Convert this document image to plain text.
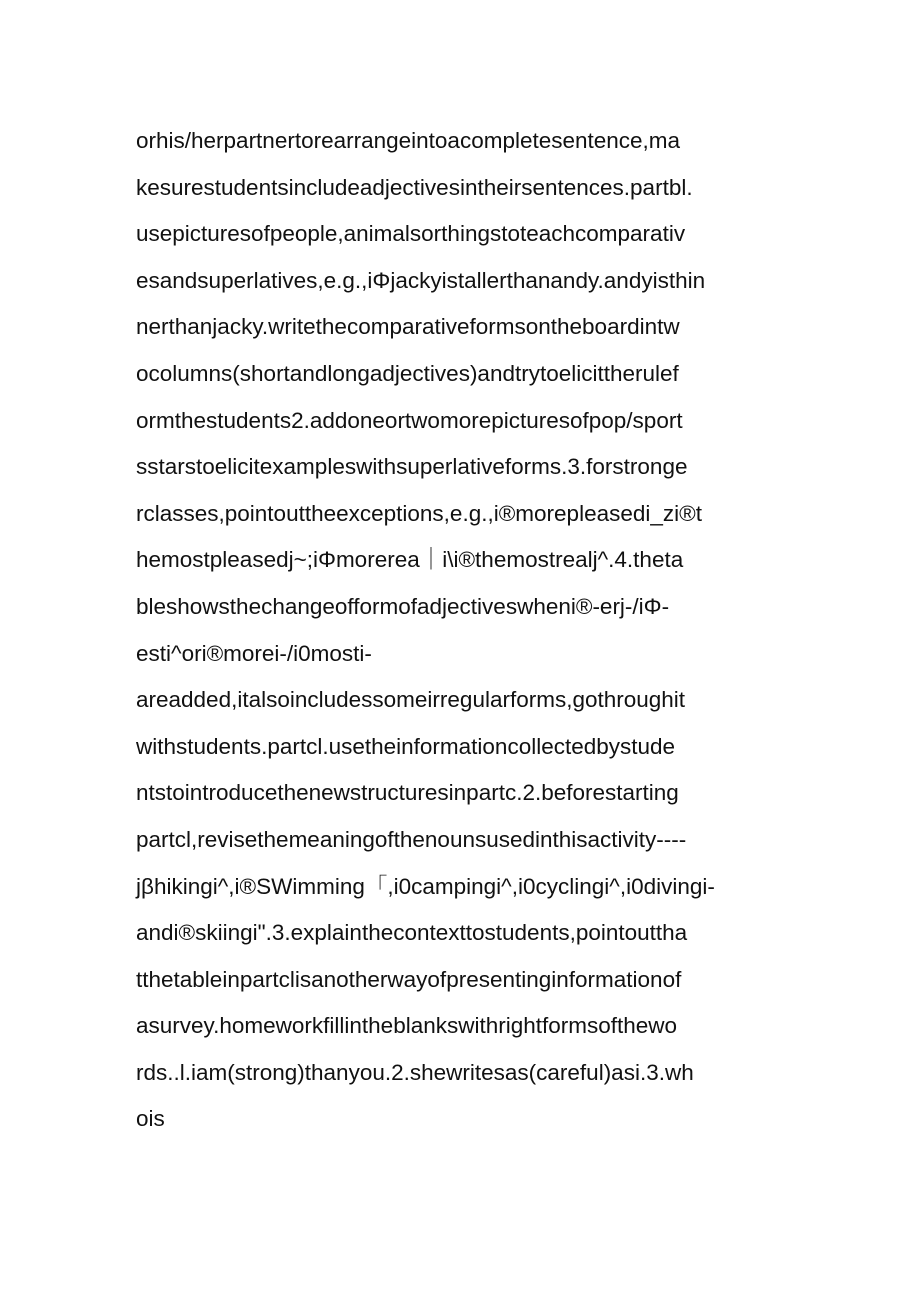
orhis/herpartnertorearrangeintoacompletesentence,ma
kesurestudentsincludeadjectivesintheirsentences.partbl.
usepicturesofpeople,animalsorthingstoteachcomparativ
esandsuperlatives,e.g.,iΦjackyistallerthanandy.andyisthin
nerthanjacky.writethecomparativeformsontheboardintw
ocolumns(shortandlongadjectives)andtrytoelicittherulef
ormthestudents2.addoneortwomorepicturesofpop/sport
sstarstoelicitexampleswithsuperlativeforms.3.forstronge
rclasses,pointouttheexceptions,e.g.,i®morepleasedi_zi®t
hemostpleasedj~;iΦmorerea｜i\i®themostrealj^.4.theta
bleshowsthechangeofformofadjectiveswheni®-erj-/iΦ-
esti^ori®morei-/i0mosti-
areadded,italsoincludessomeirregularforms,gothroughit
withstudents.partcl.usetheinformationcollectedbystude
ntstointroducethenewstructuresinpartc.2.beforestarting
partcl,revisethemeaningofthenounsusedinthisactivity----
jβhikingi^,i®SWimming「,i0campingi^,i0cyclingi^,i0divingi-
andi®skiingi".3.explainthecontexttostudents,pointouttha
tthetableinpartclisanotherwayofpresentinginformationof
asurvey.homeworkfillintheblankswithrightformsofthewo
rds..l.iam(strong)thanyou.2.shewritesas(careful)asi.3.wh
ois
